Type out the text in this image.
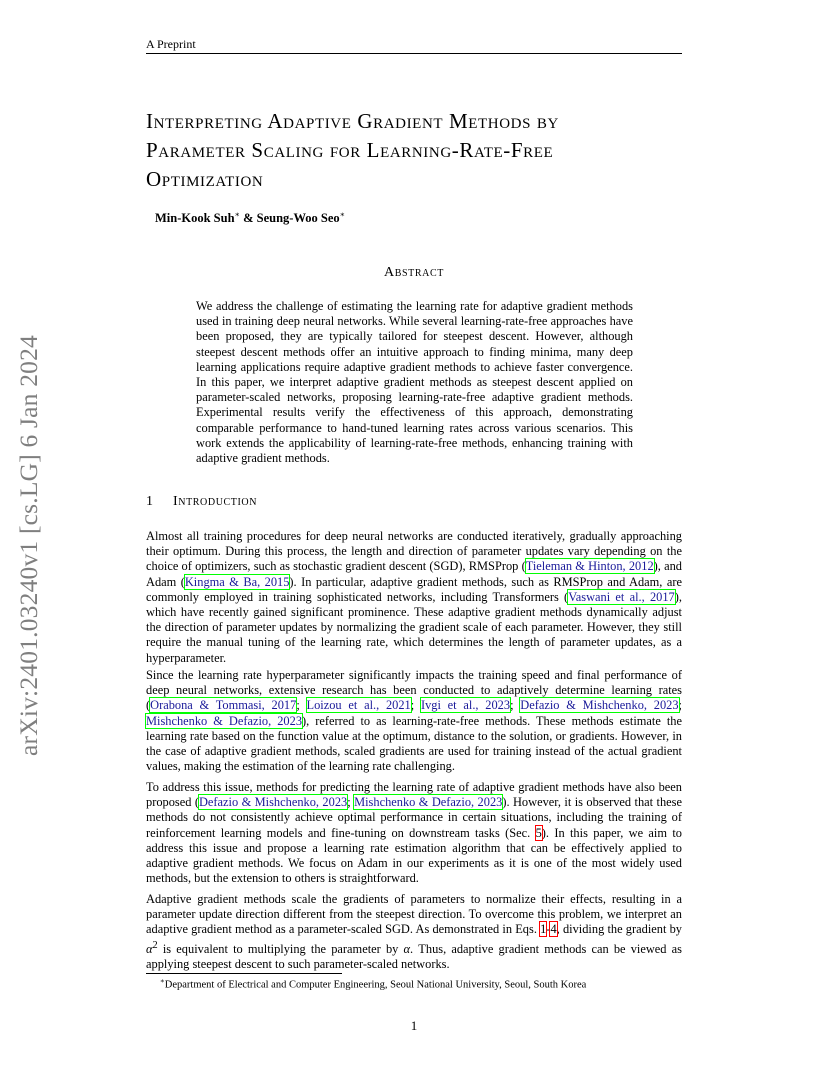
A Preprint
arXiv:2401.03240v1 [cs.LG] 6 Jan 2024
Interpreting Adaptive Gradient Methods by
Parameter Scaling for Learning-Rate-Free
Optimization
Min-Kook Suh∗ & Seung-Woo Seo∗
Abstract

We address the challenge of estimating the learning rate for adaptive gradient methods used in training deep neural networks. While several learning-rate-free approaches have been proposed, they are typically tailored for steepest descent. However, although steepest descent methods offer an intuitive approach to finding minima, many deep learning applications require adaptive gradient methods to achieve faster convergence. In this paper, we interpret adaptive gradient methods as steepest descent applied on parameter-scaled networks, proposing learning-rate-free adaptive gradient methods. Experimental results verify the effectiveness of this approach, demonstrating comparable performance to hand-tuned learning rates across various scenarios. This work extends the applicability of learning-rate-free methods, enhancing training with adaptive gradient methods.

1 Introduction

Almost all training procedures for deep neural networks are conducted iteratively, gradually approaching their optimum. During this process, the length and direction of parameter updates vary depending on the choice of optimizers, such as stochastic gradient descent (SGD), RMSProp (Tieleman & Hinton, 2012), and Adam (Kingma & Ba, 2015). In particular, adaptive gradient methods, such as RMSProp and Adam, are commonly employed in training sophisticated networks, including Transformers (Vaswani et al., 2017), which have recently gained significant prominence. These adaptive gradient methods dynamically adjust the direction of parameter updates by normalizing the gradient scale of each parameter. However, they still require the manual tuning of the learning rate, which determines the length of parameter updates, as a hyperparameter.

Since the learning rate hyperparameter significantly impacts the training speed and final performance of deep neural networks, extensive research has been conducted to adaptively determine learning rates (Orabona & Tommasi, 2017; Loizou et al., 2021; Ivgi et al., 2023; Defazio & Mishchenko, 2023; Mishchenko & Defazio, 2023), referred to as learning-rate-free methods. These methods estimate the learning rate based on the function value at the optimum, distance to the solution, or gradients. However, in the case of adaptive gradient methods, scaled gradients are used for training instead of the actual gradient values, making the estimation of the learning rate challenging.

To address this issue, methods for predicting the learning rate of adaptive gradient methods have also been proposed (Defazio & Mishchenko, 2023; Mishchenko & Defazio, 2023). However, it is observed that these methods do not consistently achieve optimal performance in certain situations, including the training of reinforcement learning models and fine-tuning on downstream tasks (Sec. 5). In this paper, we aim to address this issue and propose a learning rate estimation algorithm that can be effectively applied to adaptive gradient methods. We focus on Adam in our experiments as it is one of the most widely used methods, but the extension to others is straightforward.

Adaptive gradient methods scale the gradients of parameters to normalize their effects, resulting in a parameter update direction different from the steepest direction. To overcome this problem, we interpret an adaptive gradient method as a parameter-scaled SGD. As demonstrated in Eqs. 1-4, dividing the gradient by $\alpha^2$ is equivalent to multiplying the parameter by α. Thus, adaptive gradient methods can be viewed as applying steepest descent to such parameter-scaled networks.

∗Department of Electrical and Computer Engineering, Seoul National University, Seoul, South Korea
1
